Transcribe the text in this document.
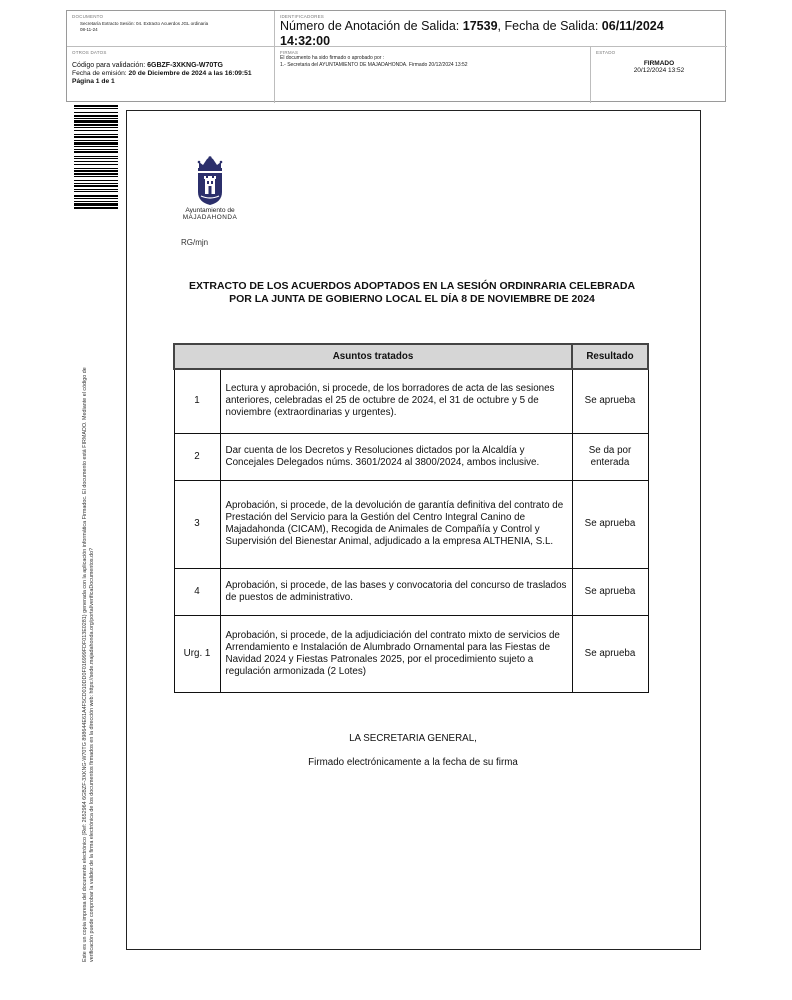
DOCUMENTO
Secretaría Extracto Sesión: 04. Extracto Acuerdos JGL ordinaria
08-11-24
IDENTIFICADORES
Número de Anotación de Salida: 17539, Fecha de Salida: 06/11/2024
14:32:00
OTROS DATOS
Código para validación: 6GBZF-3XKNG-W70TG
Fecha de emisión: 20 de Diciembre de 2024 a las 16:09:51
Página 1 de 1
FIRMAS
El documento ha sido firmado o aprobado por :
1.- Secretaria del AYUNTAMIENTO DE MAJADAHONDA. Firmado 20/12/2024 13:52
ESTADO
FIRMADO
20/12/2024 13:52
Este es un copia impresa del documento electrónico (Ref: 2652964 6GBZF-3XKNG-W70TG 898644E61A4F5CD010DD0F016999FDF013E0281) generada con la aplicación informática Firmadoc. El documento está FIRMADO. Mediante el código de verificación puede comprobar la validez de la firma electrónica de los documentos firmados en la dirección web: https://sede.majadahonda.org/portal/verificaDocumentos.do?
Ayuntamiento de
MAJADAHONDA
RG/mjn
EXTRACTO DE LOS ACUERDOS ADOPTADOS EN LA SESIÓN ORDINRARIA CELEBRADA
POR LA JUNTA DE GOBIERNO LOCAL EL DÍA 8 DE NOVIEMBRE DE 2024
Asuntos tratados		Resultado
1	Lectura y aprobación, si procede, de los borradores de acta de las sesiones anteriores, celebradas el 25 de octubre de 2024, el 31 de octubre y 5 de noviembre (extraordinarias y urgentes).	Se aprueba
2	Dar cuenta de los Decretos y Resoluciones dictados por la Alcaldía y Concejales Delegados núms. 3601/2024 al 3800/2024, ambos inclusive.	Se da por enterada
3	Aprobación, si procede, de la devolución de garantía definitiva del contrato de Prestación del Servicio para la Gestión del Centro Integral Canino de Majadahonda (CICAM), Recogida de Animales de Compañía y Control y Supervisión del Bienestar Animal, adjudicado a la empresa ALTHENIA, S.L.	Se aprueba
4	Aprobación, si procede, de las bases y convocatoria del concurso de traslados de puestos de administrativo.	Se aprueba
Urg. 1	Aprobación, si procede, de la adjudiciación del contrato mixto de servicios de Arrendamiento e Instalación de Alumbrado Ornamental para las Fiestas de Navidad 2024 y Fiestas Patronales 2025, por el procedimiento sujeto a regulación armonizada (2 Lotes)	Se aprueba
LA SECRETARIA GENERAL,
Firmado electrónicamente a la fecha de su firma
